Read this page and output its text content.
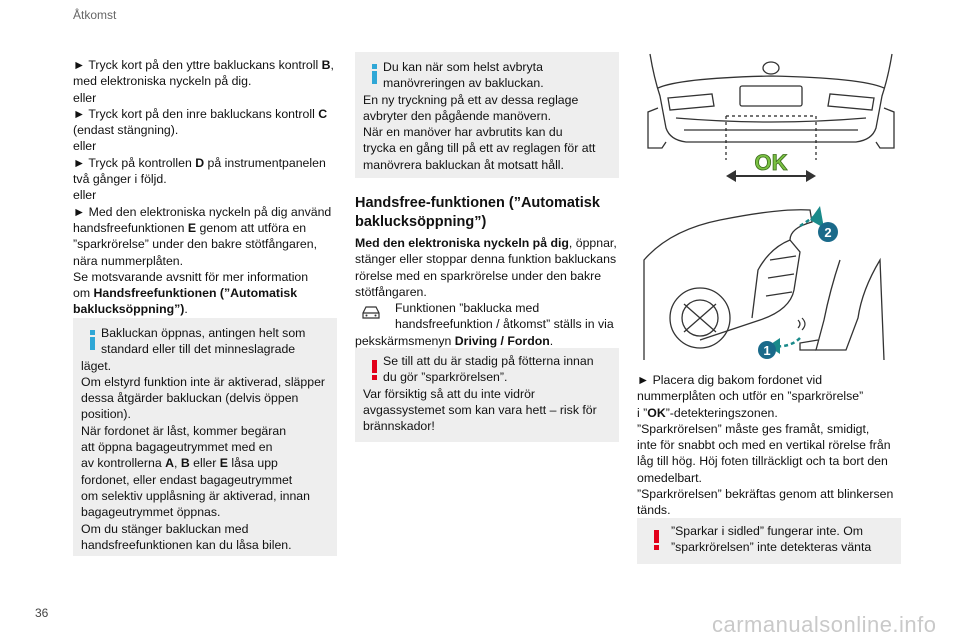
Åtkomst
36	carmanualsonline.info

► Tryck kort på den yttre bakluckans kontroll B,

med elektroniska nyckeln på dig.

eller

► Tryck kort på den inre bakluckans kontroll C

(endast stängning).

eller

► Tryck på kontrollen D på instrumentpanelen

två gånger i följd.

eller

► Med den elektroniska nyckeln på dig använd

handsfreefunktionen E genom att utföra en

”sparkrörelse” under den bakre stötfångaren,

nära nummerplåten.

Se motsvarande avsnitt för mer information

om Handsfreefunktionen (”Automatisk

baklucksöppning”).

Bakluckan öppnas, antingen helt som

standard eller till det minneslagrade

läget.

Om elstyrd funktion inte är aktiverad, släpper

dessa åtgärder bakluckan (delvis öppen

position).

När fordonet är låst, kommer begäran

att öppna bagageutrymmet med en

av kontrollerna A, B eller E låsa upp

fordonet, eller endast bagageutrymmet

om selektiv upplåsning är aktiverad, innan

bagageutrymmet öppnas.

Om du stänger bakluckan med

handsfreefunktionen kan du låsa bilen.

Du kan när som helst avbryta

manövreringen av bakluckan.

En ny tryckning på ett av dessa reglage

avbryter den pågående manövern.

När en manöver har avbrutits kan du

trycka en gång till på ett av reglagen för att

manövrera bakluckan åt motsatt håll.

Handsfree-funktionen (”Automatisk
baklucksöppning”)

Med den elektroniska nyckeln på dig, öppnar,

stänger eller stoppar denna funktion bakluckans

rörelse med en sparkrörelse under den bakre

stötfångaren.

Funktionen ”baklucka med

handsfreefunktion / åtkomst” ställs in via

pekskärmsmenyn Driving / Fordon.

Se till att du är stadig på fötterna innan

du gör ”sparkrörelsen”.

Var försiktig så att du inte vidrör

avgassystemet som kan vara hett – risk för

brännskador!

OK
2
1

► Placera dig bakom fordonet vid

nummerplåten och utför en ”sparkrörelse”

i ”OK”-detekteringszonen.

”Sparkrörelsen” måste ges framåt, smidigt,

inte för snabbt och med en vertikal rörelse från

låg till hög. Höj foten tillräckligt och ta bort den

omedelbart.

”Sparkrörelsen” bekräftas genom att blinkersen

tänds.

”Sparkar i sidled” fungerar inte. Om

”sparkrörelsen” inte detekteras vänta
